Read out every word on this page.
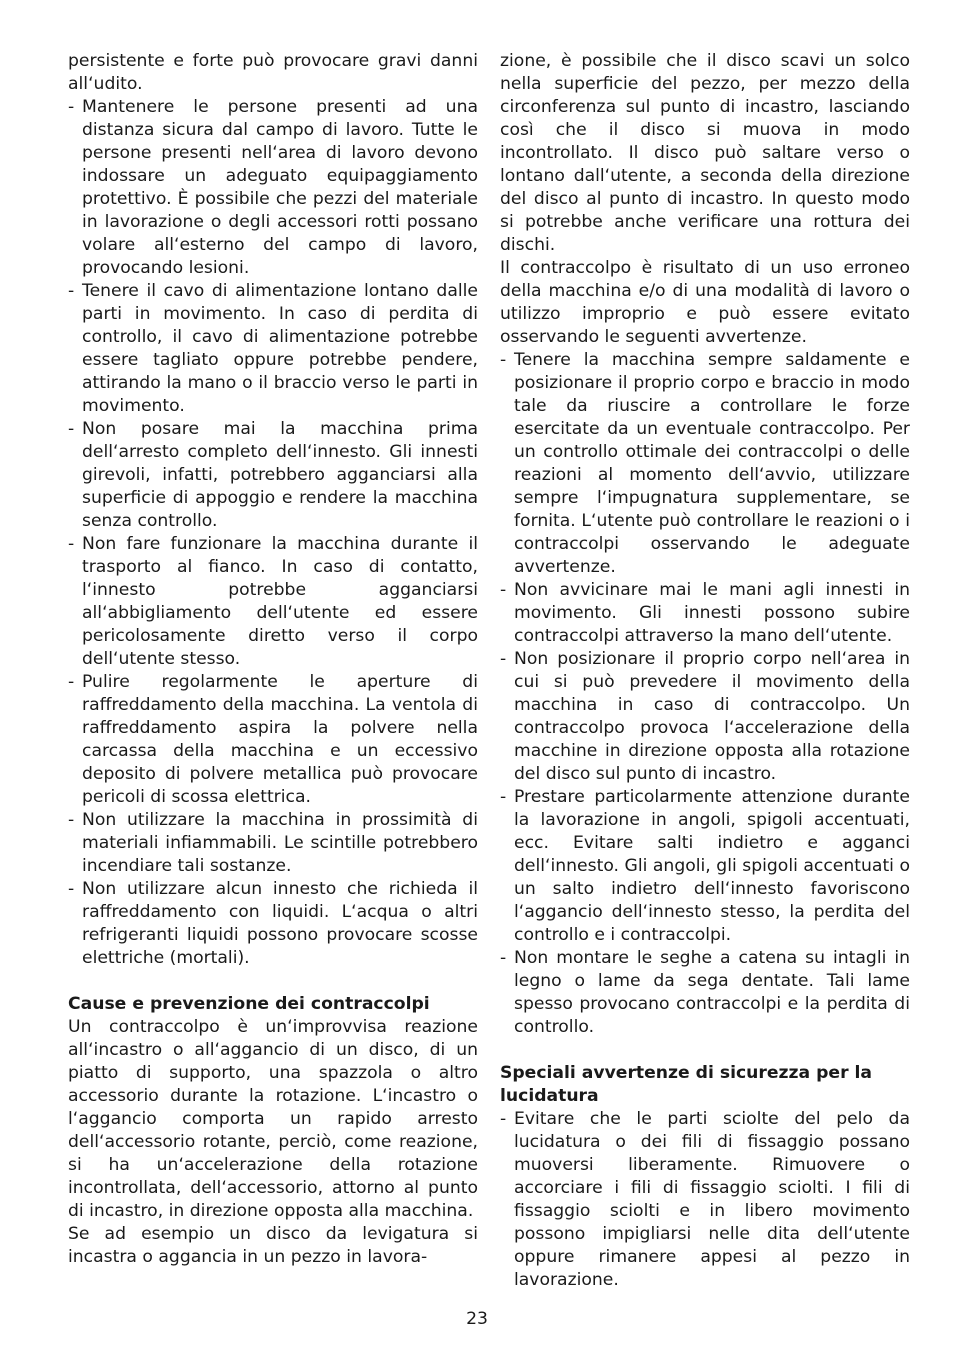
persistente e forte può provocare gravi danni all‘udito.

- Mantenere le persone presenti ad una distanza sicura dal campo di lavoro. Tutte le persone presenti nell‘area di lavoro devono indossare un adeguato equipaggiamento protettivo. È possibile che pezzi del materiale in lavorazione o degli accessori rotti possano volare all‘esterno del campo di lavoro, provocando lesioni.
- Tenere il cavo di alimentazione lontano dalle parti in movimento. In caso di perdita di controllo, il cavo di alimentazione potrebbe essere tagliato oppure potrebbe pendere, attirando la mano o il braccio verso le parti in movimento.
- Non posare mai la macchina prima dell‘arresto completo dell‘innesto. Gli innesti girevoli, infatti, potrebbero agganciarsi alla superficie di appoggio e rendere la macchina senza controllo.
- Non fare funzionare la macchina durante il trasporto al fianco. In caso di contatto, l‘innesto potrebbe agganciarsi all‘abbigliamento dell‘utente ed essere pericolosamente diretto verso il corpo dell‘utente stesso.
- Pulire regolarmente le aperture di raffreddamento della macchina. La ventola di raffreddamento aspira la polvere nella carcassa della macchina e un eccessivo deposito di polvere metallica può provocare pericoli di scossa elettrica.
- Non utilizzare la macchina in prossimità di materiali infiammabili. Le scintille potrebbero incendiare tali sostanze.
- Non utilizzare alcun innesto che richieda il raffreddamento con liquidi. L‘acqua o altri refrigeranti liquidi possono provocare scosse elettriche (mortali).
Cause e prevenzione dei contraccolpi

Un contraccolpo è un‘improvvisa reazione all‘incastro o all‘aggancio di un disco, di un piatto di supporto, una spazzola o altro accessorio durante la rotazione. L‘incastro o l‘aggancio comporta un rapido arresto dell‘accessorio rotante, perciò, come reazione, si ha un‘accelerazione della rotazione incontrollata, dell‘accessorio, attorno al punto di incastro, in direzione opposta alla macchina.

Se ad esempio un disco da levigatura si incastra o aggancia in un pezzo in lavora-

zione, è possibile che il disco scavi un solco nella superficie del pezzo, per mezzo della circonferenza sul punto di incastro, lasciando così che il disco si muova in modo incontrollato. Il disco può saltare verso o lontano dall‘utente, a seconda della direzione del disco al punto di incastro. In questo modo si potrebbe anche verificare una rottura dei dischi.

Il contraccolpo è risultato di un uso erroneo della macchina e/o di una modalità di lavoro o utilizzo improprio e può essere evitato osservando le seguenti avvertenze.

- Tenere la macchina sempre saldamente e posizionare il proprio corpo e braccio in modo tale da riuscire a controllare le forze esercitate da un eventuale contraccolpo. Per un controllo ottimale dei contraccolpi o delle reazioni al momento dell‘avvio, utilizzare sempre l‘impugnatura supplementare, se fornita. L‘utente può controllare le reazioni o i contraccolpi osservando le adeguate avvertenze.
- Non avvicinare mai le mani agli innesti in movimento. Gli innesti possono subire contraccolpi attraverso la mano dell‘utente.
- Non posizionare il proprio corpo nell‘area in cui si può prevedere il movimento della macchina in caso di contraccolpo. Un contraccolpo provoca l‘accelerazione della macchine in direzione opposta alla rotazione del disco sul punto di incastro.
- Prestare particolarmente attenzione durante la lavorazione in angoli, spigoli accentuati, ecc. Evitare salti indietro e agganci dell‘innesto. Gli angoli, gli spigoli accentuati o un salto indietro dell‘innesto favoriscono l‘aggancio dell‘innesto stesso, la perdita del controllo e i contraccolpi.
- Non montare le seghe a catena su intagli in legno o lame da sega dentate. Tali lame spesso provocano contraccolpi e la perdita di controllo.
Speciali avvertenze di sicurezza per la lucidatura
- Evitare che le parti sciolte del pelo da lucidatura o dei fili di fissaggio possano muoversi liberamente. Rimuovere o accorciare i fili di fissaggio sciolti. I fili di fissaggio sciolti e in libero movimento possono impigliarsi nelle dita dell‘utente oppure rimanere appesi al pezzo in lavorazione.
23
